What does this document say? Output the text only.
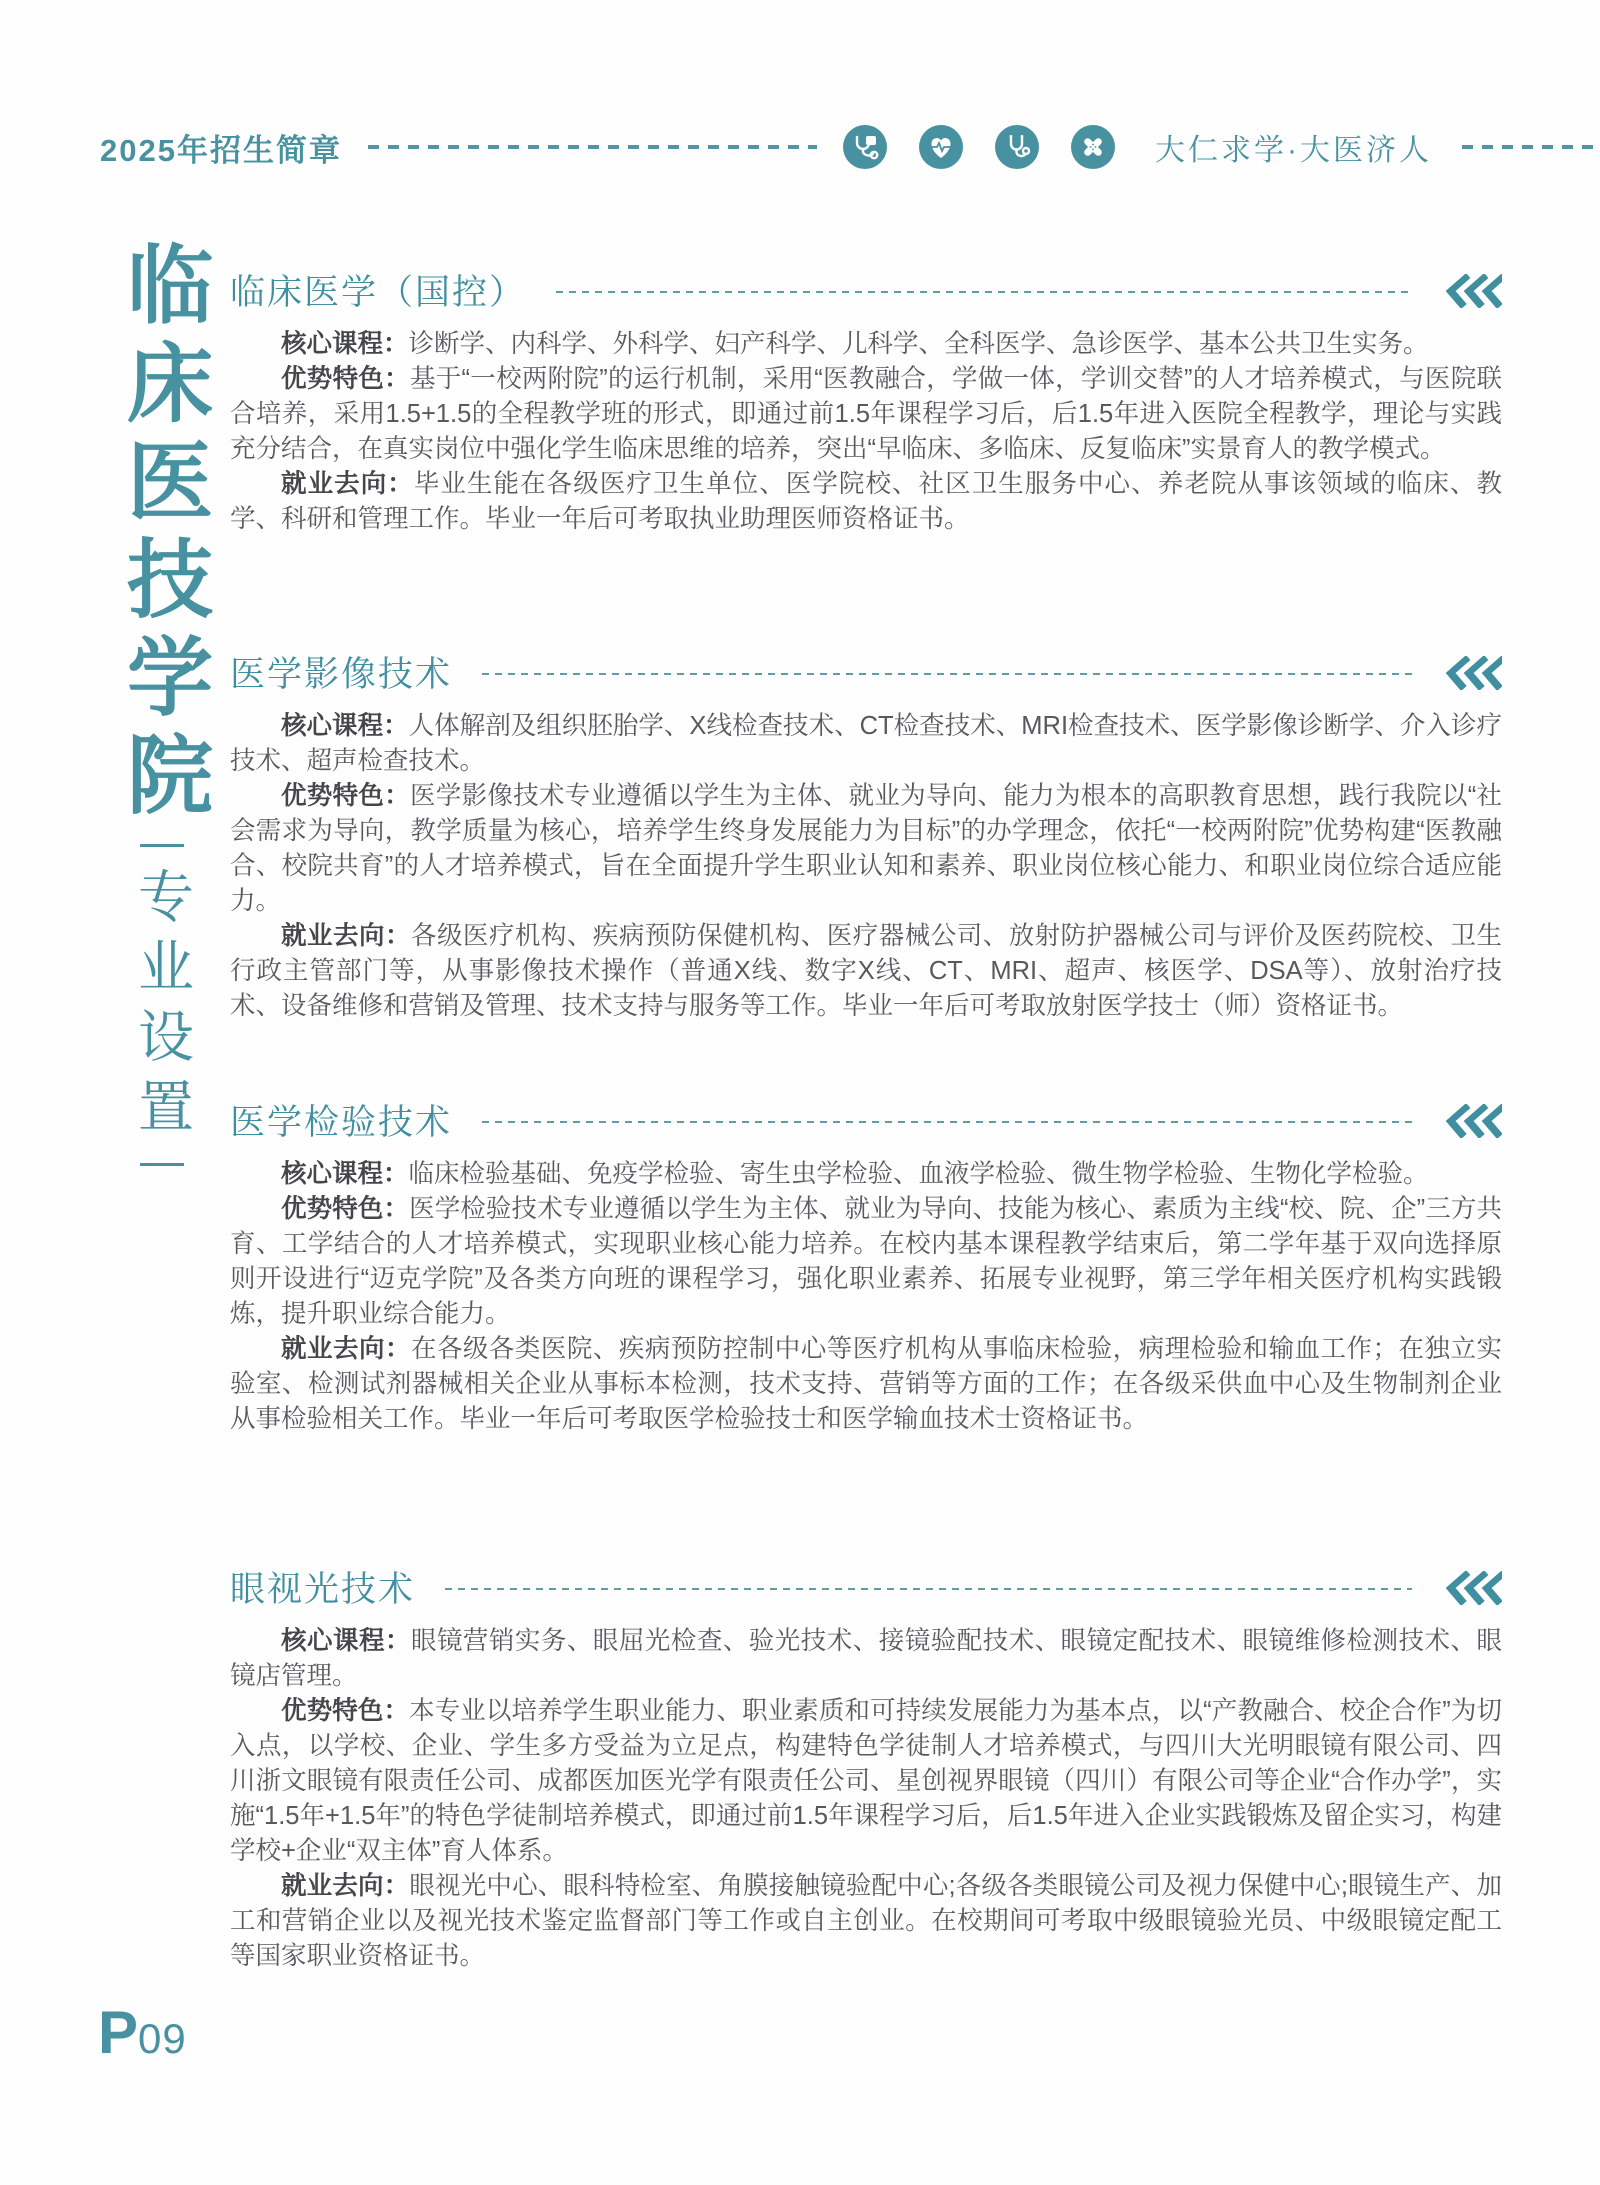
2025年招生简章	大仁求学·大医济人
临床医技学院
专业设置
临床医学（国控）

核心课程：诊断学、内科学、外科学、妇产科学、儿科学、全科医学、急诊医学、基本公共卫生实务。

优势特色：基于“一校两附院”的运行机制，采用“医教融合，学做一体，学训交替”的人才培养模式，与医院联合培养，采用1.5+1.5的全程教学班的形式，即通过前1.5年课程学习后，后1.5年进入医院全程教学，理论与实践充分结合，在真实岗位中强化学生临床思维的培养，突出“早临床、多临床、反复临床”实景育人的教学模式。

就业去向：毕业生能在各级医疗卫生单位、医学院校、社区卫生服务中心、养老院从事该领域的临床、教学、科研和管理工作。毕业一年后可考取执业助理医师资格证书。

医学影像技术

核心课程：人体解剖及组织胚胎学、X线检查技术、CT检查技术、MRI检查技术、医学影像诊断学、介入诊疗技术、超声检查技术。

优势特色：医学影像技术专业遵循以学生为主体、就业为导向、能力为根本的高职教育思想，践行我院以“社会需求为导向，教学质量为核心，培养学生终身发展能力为目标”的办学理念，依托“一校两附院”优势构建“医教融合、校院共育”的人才培养模式，旨在全面提升学生职业认知和素养、职业岗位核心能力、和职业岗位综合适应能力。

就业去向：各级医疗机构、疾病预防保健机构、医疗器械公司、放射防护器械公司与评价及医药院校、卫生行政主管部门等，从事影像技术操作（普通X线、数字X线、CT、MRI、超声、核医学、DSA等）、放射治疗技术、设备维修和营销及管理、技术支持与服务等工作。毕业一年后可考取放射医学技士（师）资格证书。

医学检验技术

核心课程：临床检验基础、免疫学检验、寄生虫学检验、血液学检验、微生物学检验、生物化学检验。

优势特色：医学检验技术专业遵循以学生为主体、就业为导向、技能为核心、素质为主线“校、院、企”三方共育、工学结合的人才培养模式，实现职业核心能力培养。在校内基本课程教学结束后，第二学年基于双向选择原则开设进行“迈克学院”及各类方向班的课程学习，强化职业素养、拓展专业视野，第三学年相关医疗机构实践锻炼，提升职业综合能力。

就业去向：在各级各类医院、疾病预防控制中心等医疗机构从事临床检验，病理检验和输血工作；在独立实验室、检测试剂器械相关企业从事标本检测，技术支持、营销等方面的工作；在各级采供血中心及生物制剂企业从事检验相关工作。毕业一年后可考取医学检验技士和医学输血技术士资格证书。

眼视光技术

核心课程：眼镜营销实务、眼屈光检查、验光技术、接镜验配技术、眼镜定配技术、眼镜维修检测技术、眼镜店管理。

优势特色：本专业以培养学生职业能力、职业素质和可持续发展能力为基本点，以“产教融合、校企合作”为切入点，以学校、企业、学生多方受益为立足点，构建特色学徒制人才培养模式，与四川大光明眼镜有限公司、四川浙文眼镜有限责任公司、成都医加医光学有限责任公司、星创视界眼镜（四川）有限公司等企业“合作办学”，实施“1.5年+1.5年”的特色学徒制培养模式，即通过前1.5年课程学习后，后1.5年进入企业实践锻炼及留企实习，构建学校+企业“双主体”育人体系。

就业去向：眼视光中心、眼科特检室、角膜接触镜验配中心;各级各类眼镜公司及视力保健中心;眼镜生产、加工和营销企业以及视光技术鉴定监督部门等工作或自主创业。在校期间可考取中级眼镜验光员、中级眼镜定配工等国家职业资格证书。

P 09
